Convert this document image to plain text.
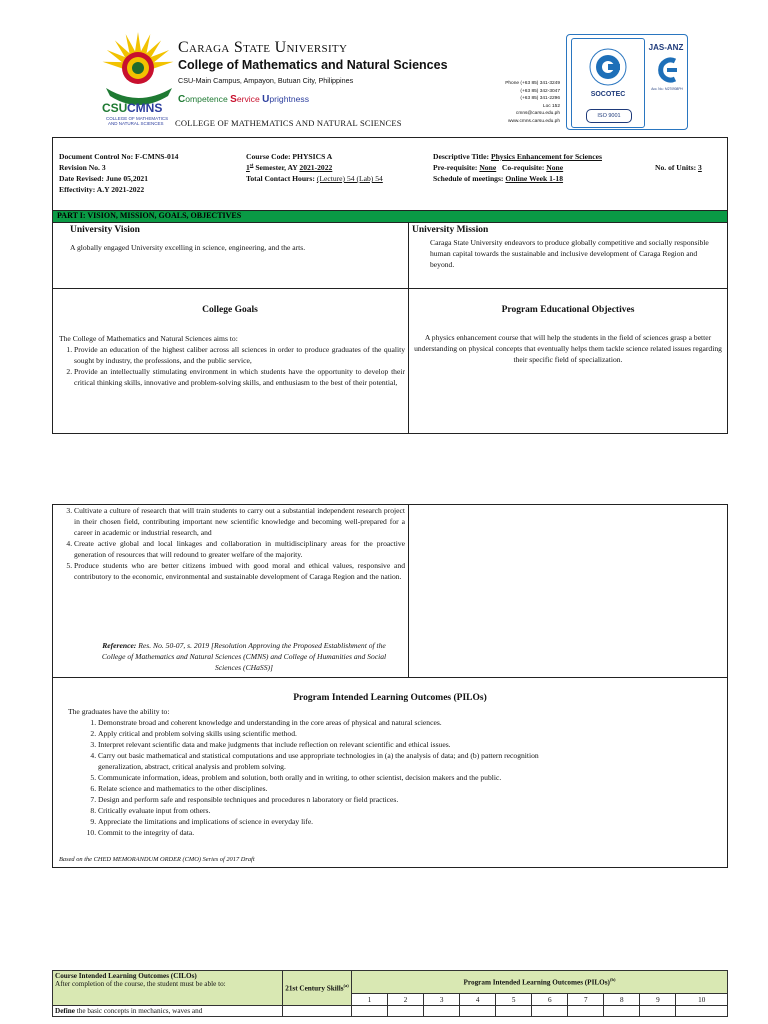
CSU CMNS
COLLEGE OF MATHEMATICS
AND NATURAL SCIENCES
Caraga State University
College of Mathematics and Natural Sciences
CSU-Main Campus, Ampayon, Butuan City, Philippines
Competence Service Uprightness
COLLEGE OF MATHEMATICS AND NATURAL SCIENCES
Phone (+63 85) 341-3249
(+63 85) 342-3047
(+63 85) 341-2296
Loc 152
cmns@carsu.edu.ph
www.cmns.carsu.edu.ph
SOCOTEC
ISO 9001
JAS-ANZ
Acc. No.: M270908PH
Document Control No: F-CMNS-014
Revision No. 3
Date Revised: June 05,2021
Effectivity: A.Y 2021-2022
Course Code: PHYSICS A
1st Semester, AY 2021-2022
Total Contact Hours: (Lecture) 54 (Lab) 54
Descriptive Title: Physics Enhancement for Sciences
Pre-requisite: None Co-requisite: None	No. of Units: 3
Schedule of meetings: Online Week 1-18
PART I: VISION, MISSION, GOALS, OBJECTIVES
University Vision
A globally engaged University excelling in science, engineering, and the arts.
University Mission
Caraga State University endeavors to produce globally competitive and socially responsible human capital towards the sustainable and inclusive development of Caraga Region and beyond.
College Goals
The College of Mathematics and Natural Sciences aims to:
1. Provide an education of the highest caliber across all sciences in order to produce graduates of the quality sought by industry, the professions, and the public service,
2. Provide an intellectually stimulating environment in which students have the opportunity to develop their critical thinking skills, innovative and problem-solving skills, and enthusiasm to the best of their potential,
Program Educational Objectives
A physics enhancement course that will help the students in the field of sciences grasp a better understanding on physical concepts that eventually helps them tackle science related issues regarding their specific field of specialization.
3. Cultivate a culture of research that will train students to carry out a substantial independent research project in their chosen field, contributing important new scientific knowledge and becoming well-prepared for a career in academic or industrial research, and
4. Create active global and local linkages and collaboration in multidisciplinary areas for the proactive generation of resources that will redound to greater welfare of the majority.
5. Produce students who are better citizens imbued with good moral and ethical values, responsive and contributory to the economic, environmental and sustainable development of Caraga Region and the nation.
Reference: Res. No. 50-07, s. 2019 [Resolution Approving the Proposed Establishment of the College of Mathematics and Natural Sciences (CMNS) and College of Humanities and Social Sciences (CHaSS)]
Program Intended Learning Outcomes (PILOs)
The graduates have the ability to:
1. Demonstrate broad and coherent knowledge and understanding in the core areas of physical and natural sciences.
2. Apply critical and problem solving skills using scientific method.
3. Interpret relevant scientific data and make judgments that include reflection on relevant scientific and ethical issues.
4. Carry out basic mathematical and statistical computations and use appropriate technologies in (a) the analysis of data; and (b) pattern recognition generalization, abstract, critical analysis and problem solving.
5. Communicate information, ideas, problem and solution, both orally and in writing, to other scientist, decision makers and the public.
6. Relate science and mathematics to the other disciplines.
7. Design and perform safe and responsible techniques and procedures n laboratory or field practices.
8. Critically evaluate input from others.
9. Appreciate the limitations and implications of science in everyday life.
10. Commit to the integrity of data.
Based on the CHED MEMORANDUM ORDER (CMO) Series of 2017 Draft
Course Intended Learning Outcomes (CILOs)
After completion of the course, the student must be able to:	21st Century Skills$^{(a)}$	Program Intended Learning Outcomes (PILOs)$^{(b)}$
		1	2	3	4	5	6	7	8	9	10
Define the basic concepts in mechanics, waves and											
